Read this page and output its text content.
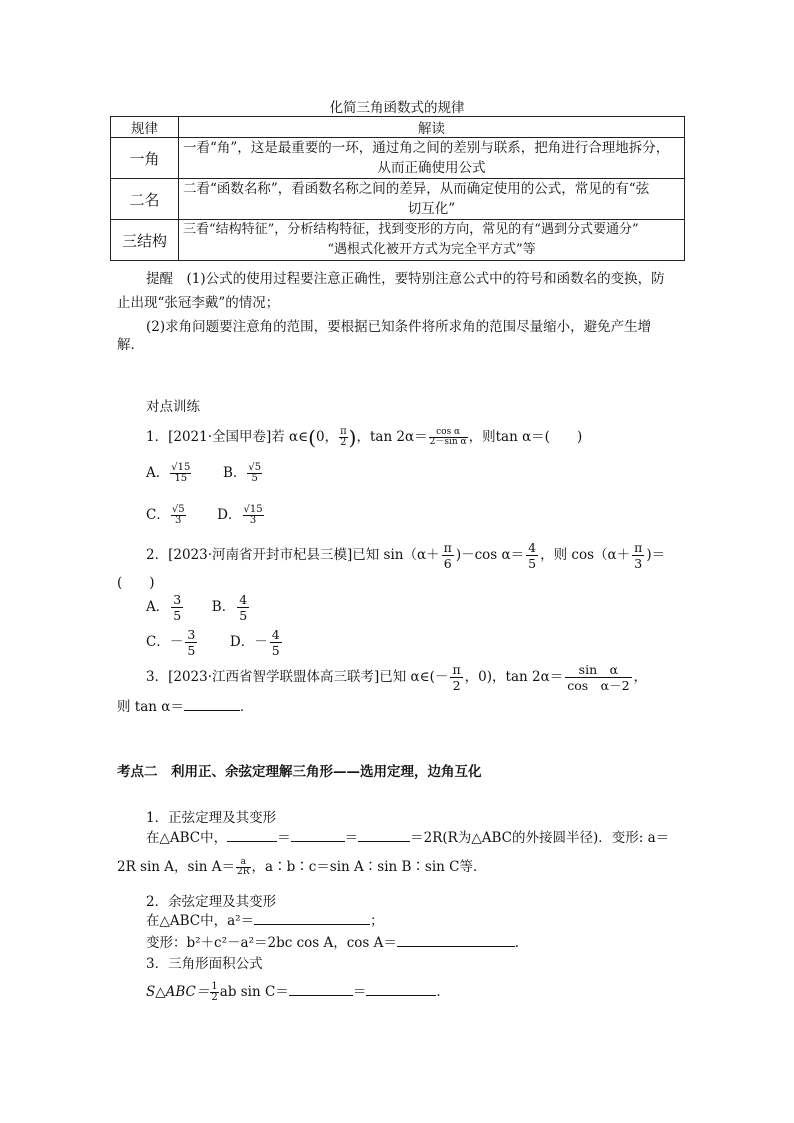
化简三角函数式的规律
规律	解读
一角	一看“角”，这是最重要的一环，通过角之间的差别与联系，把角进行合理地拆分，
从而正确使用公式

二名	二看“函数名称”，看函数名称之间的差异，从而确定使用的公式，常见的有“弦
切互化”

三结构	三看“结构特征”，分析结构特征，找到变形的方向，常见的有“遇到分式要通分”
“遇根式化被开方式为完全平方式”等
提醒　(1)公式的使用过程要注意正确性，要特别注意公式中的符号和函数名的变换，防
止出现“张冠李戴”的情况；
(2)求角问题要注意角的范围，要根据已知条件将所求角的范围尽量缩小，避免产生增
解．
对点训练
1．[2021·全国甲卷]若 α∈(0， $\frac{\pi}{2}$ )，$\tan 2\alpha= \frac{\text{cos α}}{\text{2－sin α}}$ ，则tan α＝(　　)
A． $\frac{√15}{15}$ B． $\frac{√5}{5}$
C． $\frac{√5}{3}$ D． $\frac{√15}{3}$
2．[2023·河南省开封市杞县三模]已知 $\sin(\alpha+ \frac{\pi}{6} )-\cos$ $\alpha= \frac{4}{5}$ ，则 $\cos(\alpha+ \frac{\pi}{3}$ )＝
(　　)
A． $\frac{3}{5}$ B． $\frac{4}{5}$
C．－ $\frac{3}{5}$ D．－ $\frac{4}{5}$
3．[2023·江西省智学联盟体高三联考]已知 α∈(－ $\frac{\pi}{2}$ ，0)，$\tan 2\alpha= \frac{\text{sin　α}}{\text{cos　α－2}}$ ，
则 tan α＝	．
考点二　利用正、余弦定理解三角形——选用定理，边角互化
1．正弦定理及其变形
在△ABC中，	＝	＝	＝2R(R为△ABC的外接圆半径)．变形: a＝
2R sin A，$\sin A= \frac{a}{2R}$ ，a∶b∶c＝sin A∶sin B∶sin C等．
2．余弦定理及其变形
在△ABC中，a²＝	；
变形：b²＋c²－a²＝2bc cos A，cos A＝	．
3．三角形面积公式
S△ABC＝ $\frac{1}{2}$ ab sin C＝	＝	．
